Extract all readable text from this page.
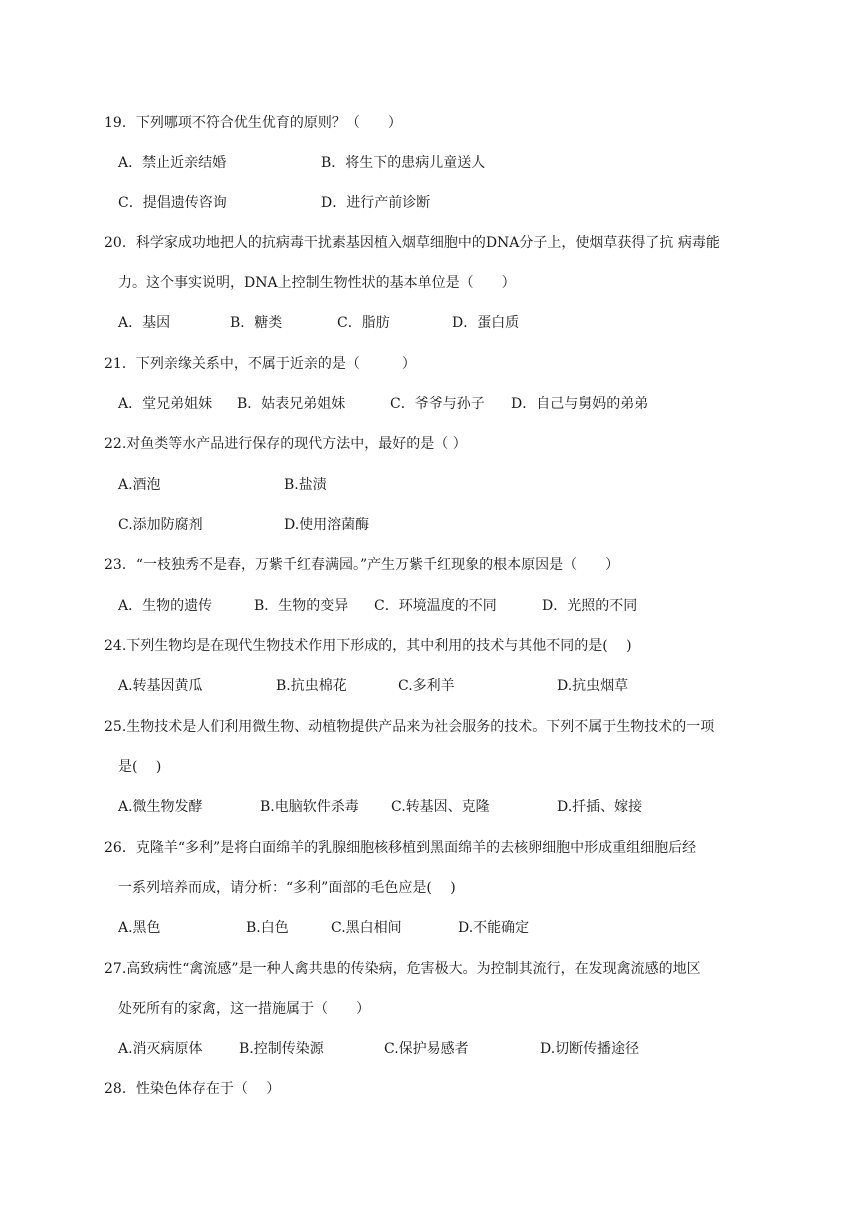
19．下列哪项不符合优生优育的原则？（　　）
A．禁止近亲结婚	B．将生下的患病儿童送人
C．提倡遗传咨询	D．进行产前诊断
20．科学家成功地把人的抗病毒干扰素基因植入烟草细胞中的DNA分子上，使烟草获得了抗 病毒能
力。这个事实说明，DNA上控制生物性状的基本单位是（　　）
A．基因	B．糖类	C．脂肪	D．蛋白质
21．下列亲缘关系中，不属于近亲的是（　　　）
A．堂兄弟姐妹 B．姑表兄弟姐妹	C．爷爷与孙子 D．自己与舅妈的弟弟
22.对鱼类等水产品进行保存的现代方法中，最好的是（ ）
A.酒泡	B.盐渍
C.添加防腐剂	D.使用溶菌酶
23．“一枝独秀不是春，万紫千红春满园。”产生万紫千红现象的根本原因是（　　）
A．生物的遗传	B．生物的变异 C．环境温度的不同	D．光照的不同
24.下列生物均是在现代生物技术作用下形成的，其中利用的技术与其他不同的是(　 )
A.转基因黄瓜	B.抗虫棉花	C.多利羊	D.抗虫烟草
25.生物技术是人们利用微生物、动植物提供产品来为社会服务的技术。下列不属于生物技术的一项
是(　 )
A.微生物发酵	B.电脑软件杀毒 C.转基因、克隆	D.扦插、嫁接
26．克隆羊“多利”是将白面绵羊的乳腺细胞核移植到黑面绵羊的去核卵细胞中形成重组细胞后经
一系列培养而成，请分析：“多利”面部的毛色应是(　 )
A.黑色	B.白色	C.黑白相间	D.不能确定
27.高致病性“禽流感”是一种人禽共患的传染病，危害极大。为控制其流行，在发现禽流感的地区
处死所有的家禽，这一措施属于（　　）
A.消灭病原体	B.控制传染源	C.保护易感者	D.切断传播途径
28．性染色体存在于（　 ）
